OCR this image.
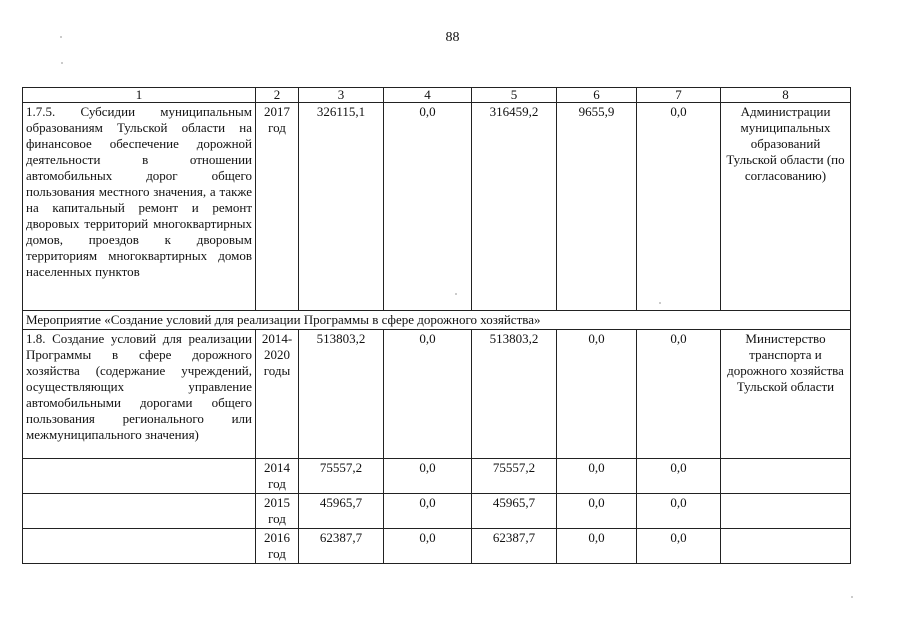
88
1	2	3	4	5	6	7	8
1.7.5. Субсидии муниципальным образованиям Тульской области на финансовое обеспечение дорожной деятельности в отношении автомобильных дорог общего пользования местного значения, а также на капитальный ремонт и ремонт дворовых территорий многоквартирных домов, проездов к дворовым территориям многоквартирных домов населенных пунктов	2017 год	326115,1	0,0	316459,2	9655,9	0,0	Администрации муниципальных образований Тульской области (по согласованию)
Мероприятие «Создание условий для реализации Программы в сфере дорожного хозяйства»							
1.8. Создание условий для реализации Программы в сфере дорожного хозяйства (содержание учреждений, осуществляющих управление автомобильными дорогами общего пользования регионального или межмуниципального значения)	2014-2020 годы	513803,2	0,0	513803,2	0,0	0,0	Министерство транспорта и дорожного хозяйства Тульской области
	2014 год	75557,2	0,0	75557,2	0,0	0,0	
	2015 год	45965,7	0,0	45965,7	0,0	0,0	
	2016 год	62387,7	0,0	62387,7	0,0	0,0	
